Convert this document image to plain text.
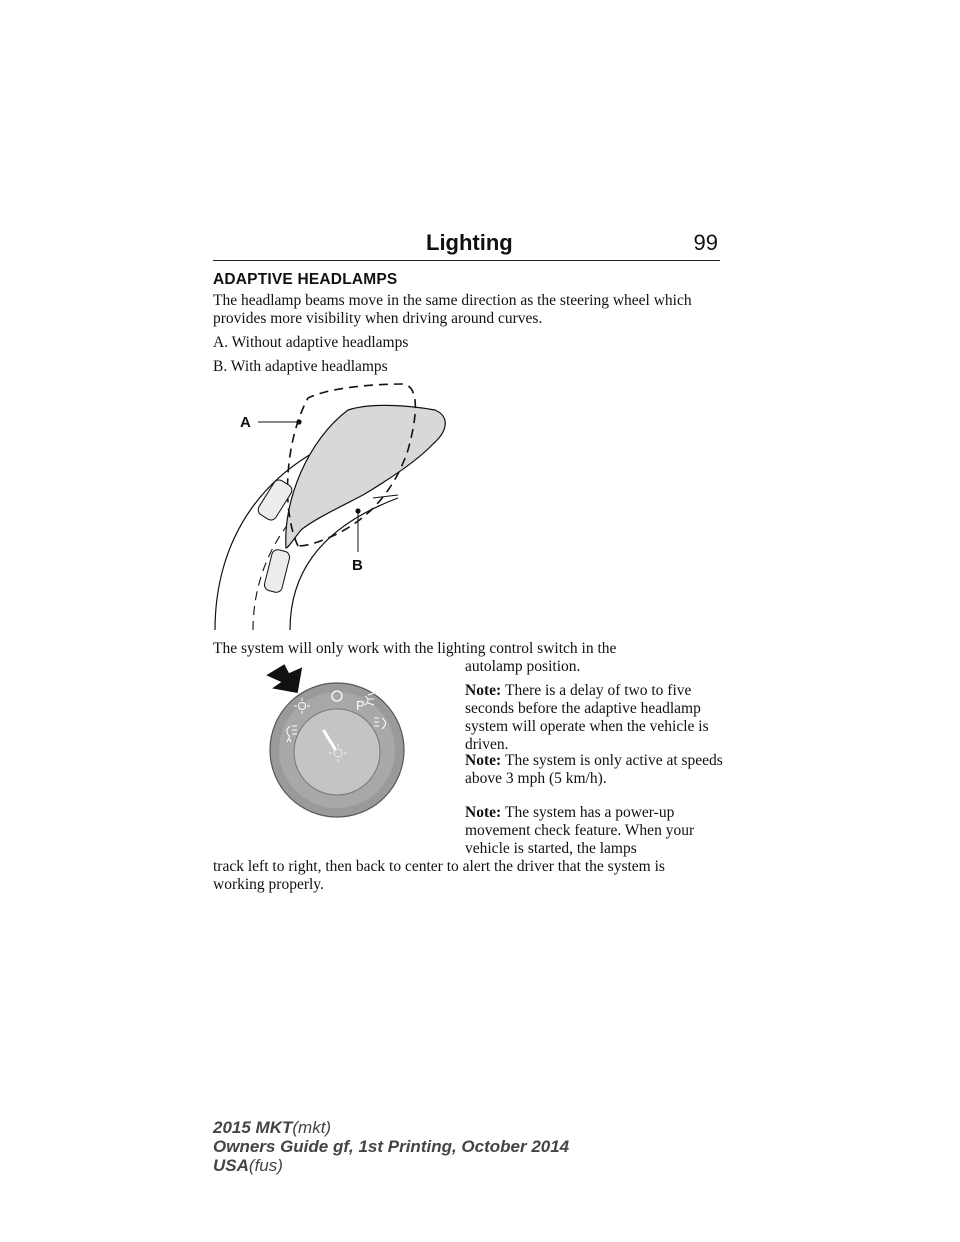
Lighting	99
ADAPTIVE HEADLAMPS

The headlamp beams move in the same direction as the steering wheel which provides more visibility when driving around curves.

A. Without adaptive headlamps

B. With adaptive headlamps

A
B

The system will only work with the lighting control switch in the

autolamp position.

P

Note: There is a delay of two to five seconds before the adaptive headlamp system will operate when the vehicle is driven.

Note: The system is only active at speeds above 3 mph (5 km/h).

Note: The system has a power-up movement check feature. When your vehicle is started, the lamps

track left to right, then back to center to alert the driver that the system is working properly.

2015 MKT(mkt)
Owners Guide gf, 1st Printing, October 2014
USA(fus)
